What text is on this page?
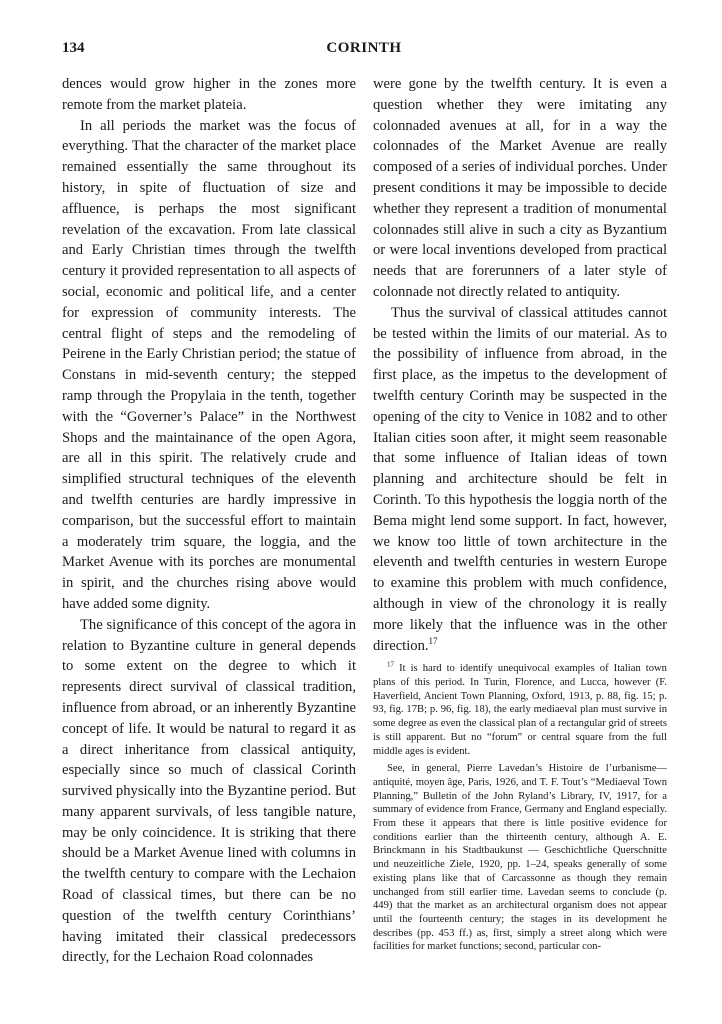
134	CORINTH

dences would grow higher in the zones more remote from the market plateia.

In all periods the market was the focus of everything. That the character of the market place remained essentially the same throughout its history, in spite of fluctuation of size and affluence, is perhaps the most significant revelation of the excavation. From late classical and Early Christian times through the twelfth century it provided representation to all aspects of social, economic and political life, and a center for expression of community interests. The central flight of steps and the remodeling of Peirene in the Early Christian period; the statue of Constans in mid-seventh century; the stepped ramp through the Propylaia in the tenth, together with the “Governer’s Palace” in the Northwest Shops and the maintainance of the open Agora, are all in this spirit. The relatively crude and simplified structural techniques of the eleventh and twelfth centuries are hardly impressive in comparison, but the successful effort to maintain a moderately trim square, the loggia, and the Market Avenue with its porches are monumental in spirit, and the churches rising above would have added some dignity.

The significance of this concept of the agora in relation to Byzantine culture in general depends to some extent on the degree to which it represents direct survival of classical tradition, influence from abroad, or an inherently Byzantine concept of life. It would be natural to regard it as a direct inheritance from classical antiquity, especially since so much of classical Corinth survived physically into the Byzantine period. But many apparent survivals, of less tangible nature, may be only coincidence. It is striking that there should be a Market Avenue lined with columns in the twelfth century to compare with the Lechaion Road of classical times, but there can be no question of the twelfth century Corinthians’ having imitated their classical predecessors directly, for the Lechaion Road colonnades

were gone by the twelfth century. It is even a question whether they were imitating any colonnaded avenues at all, for in a way the colonnades of the Market Avenue are really composed of a series of individual porches. Under present conditions it may be impossible to decide whether they represent a tradition of monumental colonnades still alive in such a city as Byzantium or were local inventions developed from practical needs that are forerunners of a later style of colonnade not directly related to antiquity.

Thus the survival of classical attitudes cannot be tested within the limits of our material. As to the possibility of influence from abroad, in the first place, as the impetus to the development of twelfth century Corinth may be suspected in the opening of the city to Venice in 1082 and to other Italian cities soon after, it might seem reasonable that some influence of Italian ideas of town planning and architecture should be felt in Corinth. To this hypothesis the loggia north of the Bema might lend some support. In fact, however, we know too little of town architecture in the eleventh and twelfth centuries in western Europe to examine this problem with much confidence, although in view of the chronology it is really more likely that the influence was in the other direction.$^{17}$

$^{17}$ It is hard to identify unequivocal examples of Italian town plans of this period. In Turin, Florence, and Lucca, however (F. Haverfield, Ancient Town Planning, Oxford, 1913, p. 88, fig. 15; p. 93, fig. 17B; p. 96, fig. 18), the early mediaeval plan must survive in some degree as even the classical plan of a rectangular grid of streets is still apparent. But no “forum” or central square from the full middle ages is evident.

See, in general, Pierre Lavedan’s Histoire de l’urbanisme—antiquité, moyen âge, Paris, 1926, and T. F. Tout’s “Mediaeval Town Planning,” Bulletin of the John Ryland’s Library, IV, 1917, for a summary of evidence from France, Germany and England especially. From these it appears that there is little positive evidence for conditions earlier than the thirteenth century, although A. E. Brinckmann in his Stadtbaukunst — Geschichtliche Querschnitte und neuzeitliche Ziele, 1920, pp. 1–24, speaks generally of some existing plans like that of Carcassonne as though they remain unchanged from still earlier time. Lavedan seems to conclude (p. 449) that the market as an architectural organism does not appear until the fourteenth century; the stages in its development he describes (pp. 453 ff.) as, first, simply a street along which were facilities for market functions; second, particular con-
